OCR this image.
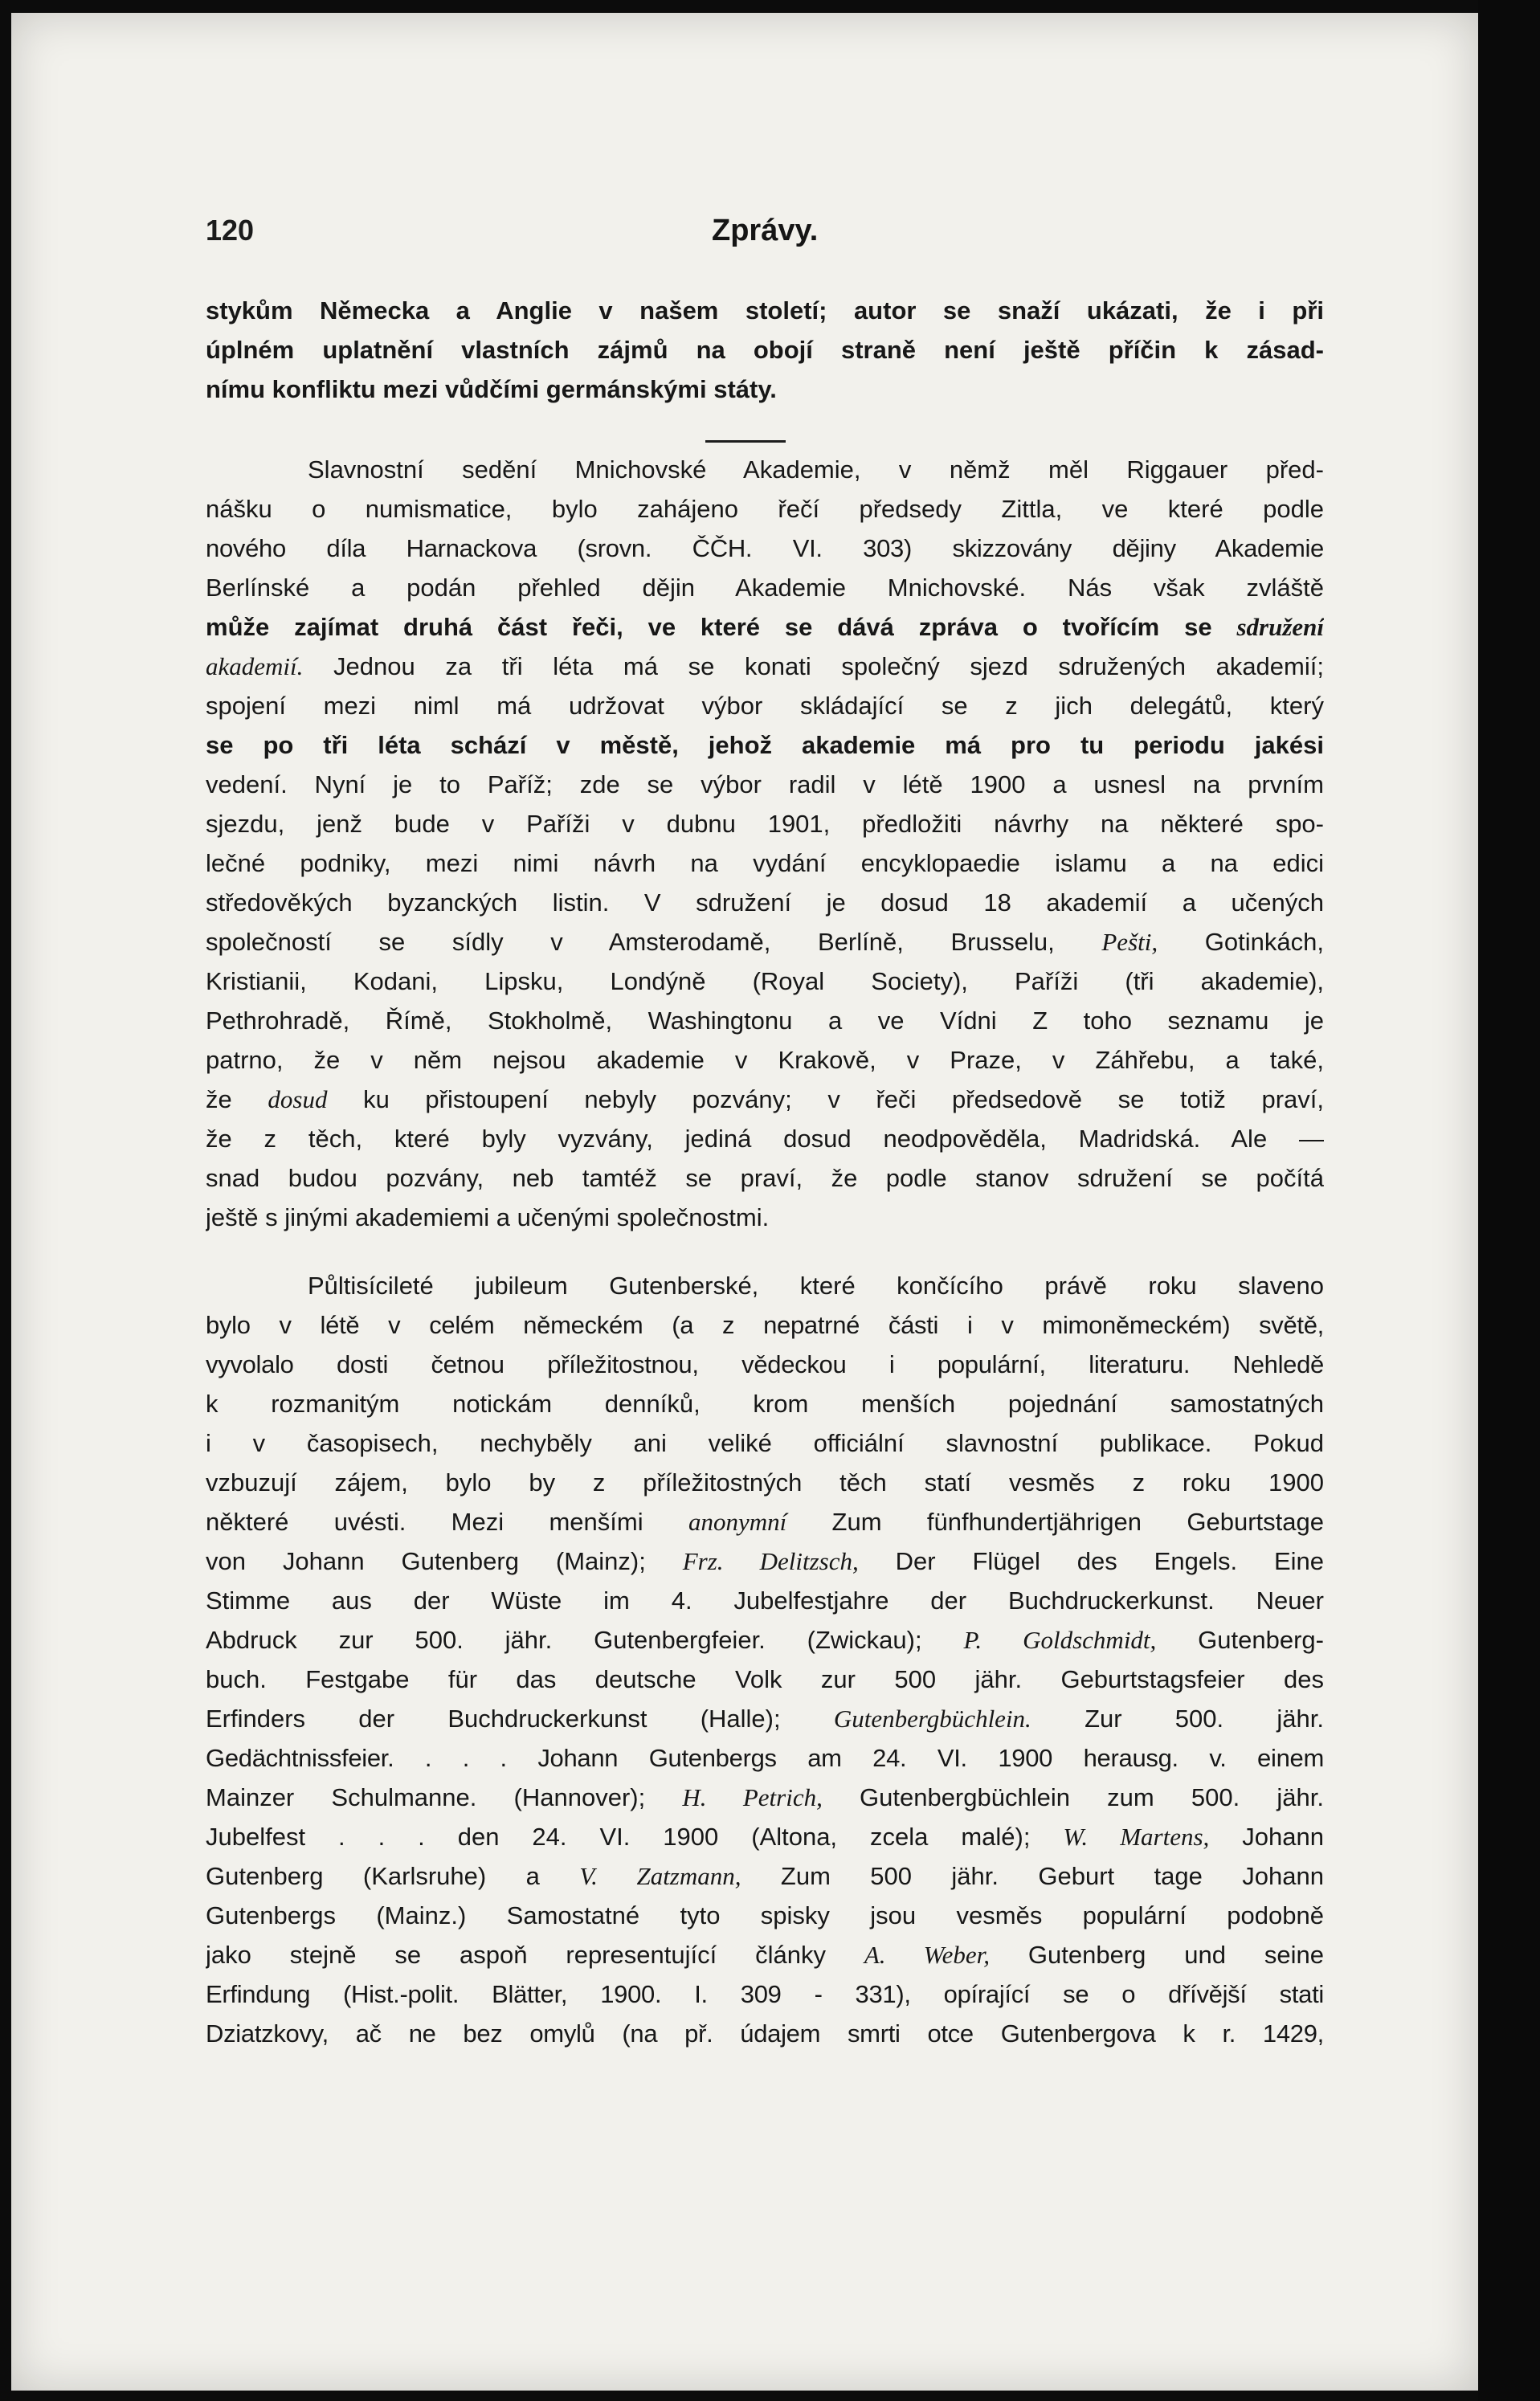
120	Zprávy.
stykům Německa a Anglie v našem století; autor se snaží ukázati, že i při
úplném uplatnění vlastních zájmů na obojí straně není ještě příčin k zásad-
nímu konfliktu mezi vůdčími germánskými státy.
Slavnostní sedění Mnichovské Akademie, v němž měl Riggauer před-
nášku o numismatice, bylo zahájeno řečí předsedy Zittla, ve které podle
nového díla Harnackova (srovn. ČČH. VI. 303) skizzovány dějiny Akademie
Berlínské a podán přehled dějin Akademie Mnichovské. Nás však zvláště
může zajímat druhá část řeči, ve které se dává zpráva o tvořícím se sdružení
akademií. Jednou za tři léta má se konati společný sjezd sdružených akademií;
spojení mezi niml má udržovat výbor skládající se z jich delegátů, který
se po tři léta schází v městě, jehož akademie má pro tu periodu jakési
vedení. Nyní je to Paříž; zde se výbor radil v létě 1900 a usnesl na prvním
sjezdu, jenž bude v Paříži v dubnu 1901, předložiti návrhy na některé spo-
lečné podniky, mezi nimi návrh na vydání encyklopaedie islamu a na edici
středověkých byzanckých listin. V sdružení je dosud 18 akademií a učených
společností se sídly v Amsterodamě, Berlíně, Brusselu, Pešti, Gotinkách,
Kristianii, Kodani, Lipsku, Londýně (Royal Society), Paříži (tři akademie),
Pethrohradě, Římě, Stokholmě, Washingtonu a ve Vídni Z toho seznamu je
patrno, že v něm nejsou akademie v Krakově, v Praze, v Záhřebu, a také,
že dosud ku přistoupení nebyly pozvány; v řeči předsedově se totiž praví,
že z těch, které byly vyzvány, jediná dosud neodpověděla, Madridská. Ale —
snad budou pozvány, neb tamtéž se praví, že podle stanov sdružení se počítá
ještě s jinými akademiemi a učenými společnostmi.
Půltisícileté jubileum Gutenberské, které končícího právě roku slaveno
bylo v létě v celém německém (a z nepatrné části i v mimoněmeckém) světě,
vyvolalo dosti četnou příležitostnou, vědeckou i populární, literaturu. Nehledě
k rozmanitým notickám denníků, krom menších pojednání samostatných
i v časopisech, nechyběly ani veliké officiální slavnostní publikace. Pokud
vzbuzují zájem, bylo by z příležitostných těch statí vesměs z roku 1900
některé uvésti. Mezi menšími anonymní Zum fünfhundertjährigen Geburtstage
von Johann Gutenberg (Mainz); Frz. Delitzsch, Der Flügel des Engels. Eine
Stimme aus der Wüste im 4. Jubelfestjahre der Buchdruckerkunst. Neuer
Abdruck zur 500. jähr. Gutenbergfeier. (Zwickau); P. Goldschmidt, Gutenberg-
buch. Festgabe für das deutsche Volk zur 500 jähr. Geburtstagsfeier des
Erfinders der Buchdruckerkunst (Halle); Gutenbergbüchlein. Zur 500. jähr.
Gedächtnissfeier. . . . Johann Gutenbergs am 24. VI. 1900 herausg. v. einem
Mainzer Schulmanne. (Hannover); H. Petrich, Gutenbergbüchlein zum 500. jähr.
Jubelfest . . . den 24. VI. 1900 (Altona, zcela malé); W. Martens, Johann
Gutenberg (Karlsruhe) a V. Zatzmann, Zum 500 jähr. Geburt tage Johann
Gutenbergs (Mainz.) Samostatné tyto spisky jsou vesměs populární podobně
jako stejně se aspoň representující články A. Weber, Gutenberg und seine
Erfindung (Hist.-polit. Blätter, 1900. I. 309 - 331), opírající se o dřívější stati
Dziatzkovy, ač ne bez omylů (na př. údajem smrti otce Gutenbergova k r. 1429,
